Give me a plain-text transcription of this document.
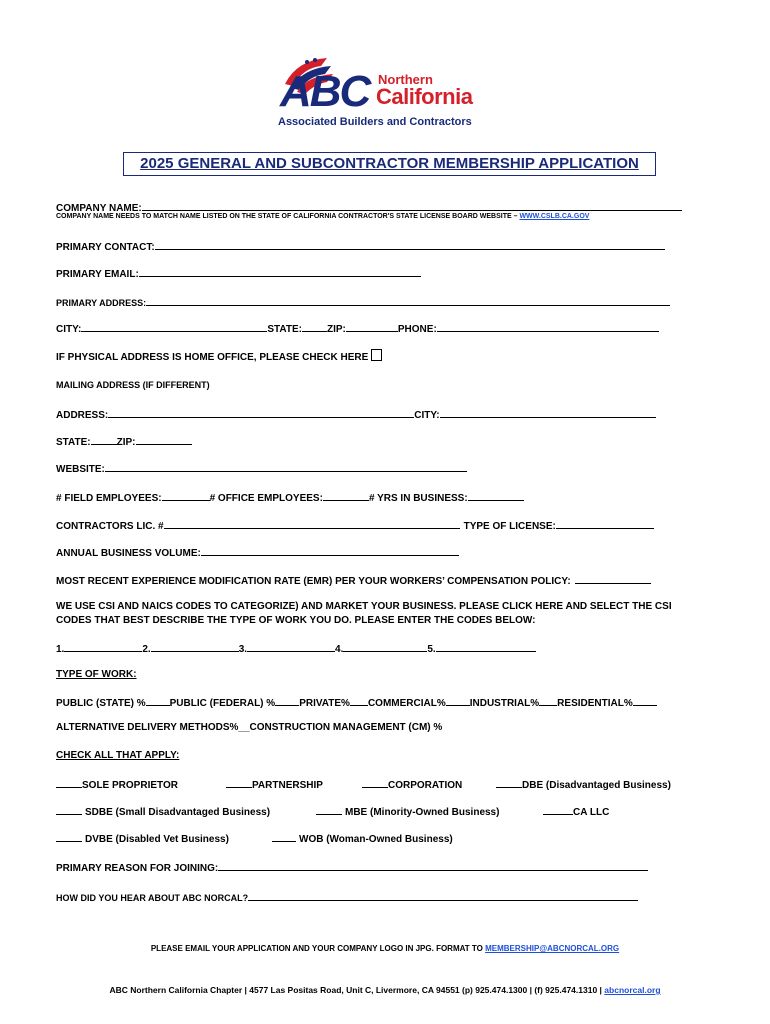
ABC Northern
California
Associated Builders and Contractors
2025 GENERAL AND SUBCONTRACTOR MEMBERSHIP APPLICATION
COMPANY NAME:
COMPANY NAME NEEDS TO MATCH NAME LISTED ON THE STATE OF CALIFORNIA CONTRACTOR'S STATE LICENSE BOARD WEBSITE – WWW.CSLB.CA.GOV
PRIMARY CONTACT:
PRIMARY EMAIL:
PRIMARY ADDRESS:
CITY:	STATE:	ZIP:	PHONE:
IF PHYSICAL ADDRESS IS HOME OFFICE, PLEASE CHECK HERE
MAILING ADDRESS (IF DIFFERENT)
ADDRESS:	CITY:
STATE:	ZIP:
WEBSITE:
# FIELD EMPLOYEES:	# OFFICE EMPLOYEES:	# YRS IN BUSINESS:
CONTRACTORS LIC. #	TYPE OF LICENSE:
ANNUAL BUSINESS VOLUME:
MOST RECENT EXPERIENCE MODIFICATION RATE (EMR) PER YOUR WORKERS’ COMPENSATION POLICY:
WE USE CSI AND NAICS CODES TO CATEGORIZE) AND MARKET YOUR BUSINESS. PLEASE CLICK HERE AND SELECT THE CSI
CODES THAT BEST DESCRIBE THE TYPE OF WORK YOU DO. PLEASE ENTER THE CODES BELOW:
1.	2.	3.	4.	5.
TYPE OF WORK:
PUBLIC (STATE) % PUBLIC (FEDERAL) % PRIVATE% COMMERCIAL% INDUSTRIAL% RESIDENTIAL%
ALTERNATIVE DELIVERY METHODS%__CONSTRUCTION MANAGEMENT (CM) %
CHECK ALL THAT APPLY:
SOLE PROPRIETOR	PARTNERSHIP	CORPORATION	DBE (Disadvantaged Business)
SDBE (Small Disadvantaged Business)	MBE (Minority-Owned Business)	CA LLC
DVBE (Disabled Vet Business)	WOB (Woman-Owned Business)
PRIMARY REASON FOR JOINING:
HOW DID YOU HEAR ABOUT ABC NORCAL?
PLEASE EMAIL YOUR APPLICATION AND YOUR COMPANY LOGO IN JPG. FORMAT TO MEMBERSHIP@ABCNORCAL.ORG
ABC Northern California Chapter | 4577 Las Positas Road, Unit C, Livermore, CA 94551 (p) 925.474.1300 | (f) 925.474.1310 | abcnorcal.org
